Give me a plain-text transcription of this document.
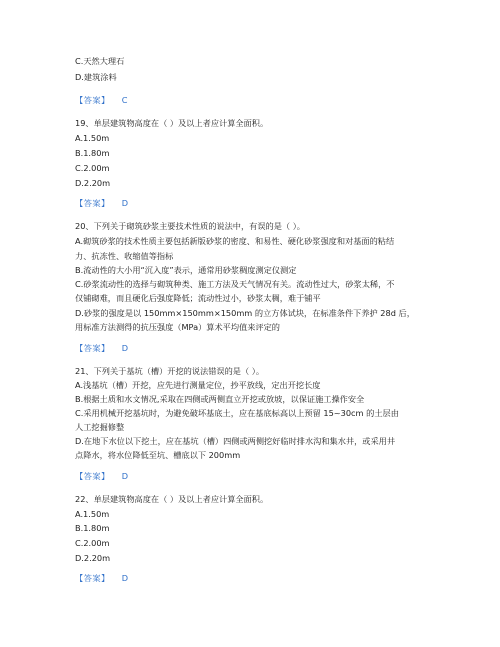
C.天然大理石
D.建筑涂料
【答案】 C
19、单层建筑物高度在（ ）及以上者应计算全面积。
A.1.50m
B.1.80m
C.2.00m
D.2.20m
【答案】 D
20、下列关于砌筑砂浆主要技术性质的说法中，有误的是（ ）。
A.砌筑砂浆的技术性质主要包括新版砂浆的密度、和易性、硬化砂浆强度和对基面的粘结
力、抗冻性、收缩值等指标
B.流动性的大小用“沉入度”表示，通常用砂浆稠度测定仪测定
C.砂浆流动性的选择与砌筑种类、施工方法及天气情况有关。流动性过大，砂浆太稀，不
仅铺砌难，而且硬化后强度降低；流动性过小，砂浆太稠，难于铺平
D.砂浆的强度是以 150mm×150mm×150mm 的立方体试块，在标准条件下养护 28d 后，
用标准方法测得的抗压强度（MPa）算术平均值来评定的
【答案】 D
21、下列关于基坑（槽）开挖的说法错误的是（ ）。
A.浅基坑（槽）开挖，应先进行测量定位，抄平放线，定出开挖长度
B.根据土质和水文情况,采取在四侧或两侧直立开挖或放坡，以保证施工操作安全
C.采用机械开挖基坑时，为避免破坏基底土，应在基底标高以上预留 15~30cm 的土层由
人工挖掘修整
D.在地下水位以下挖土，应在基坑（槽）四侧或两侧挖好临时排水沟和集水井，或采用井
点降水，将水位降低至坑、槽底以下 200mm
【答案】 D
22、单层建筑物高度在（ ）及以上者应计算全面积。
A.1.50m
B.1.80m
C.2.00m
D.2.20m
【答案】 D
